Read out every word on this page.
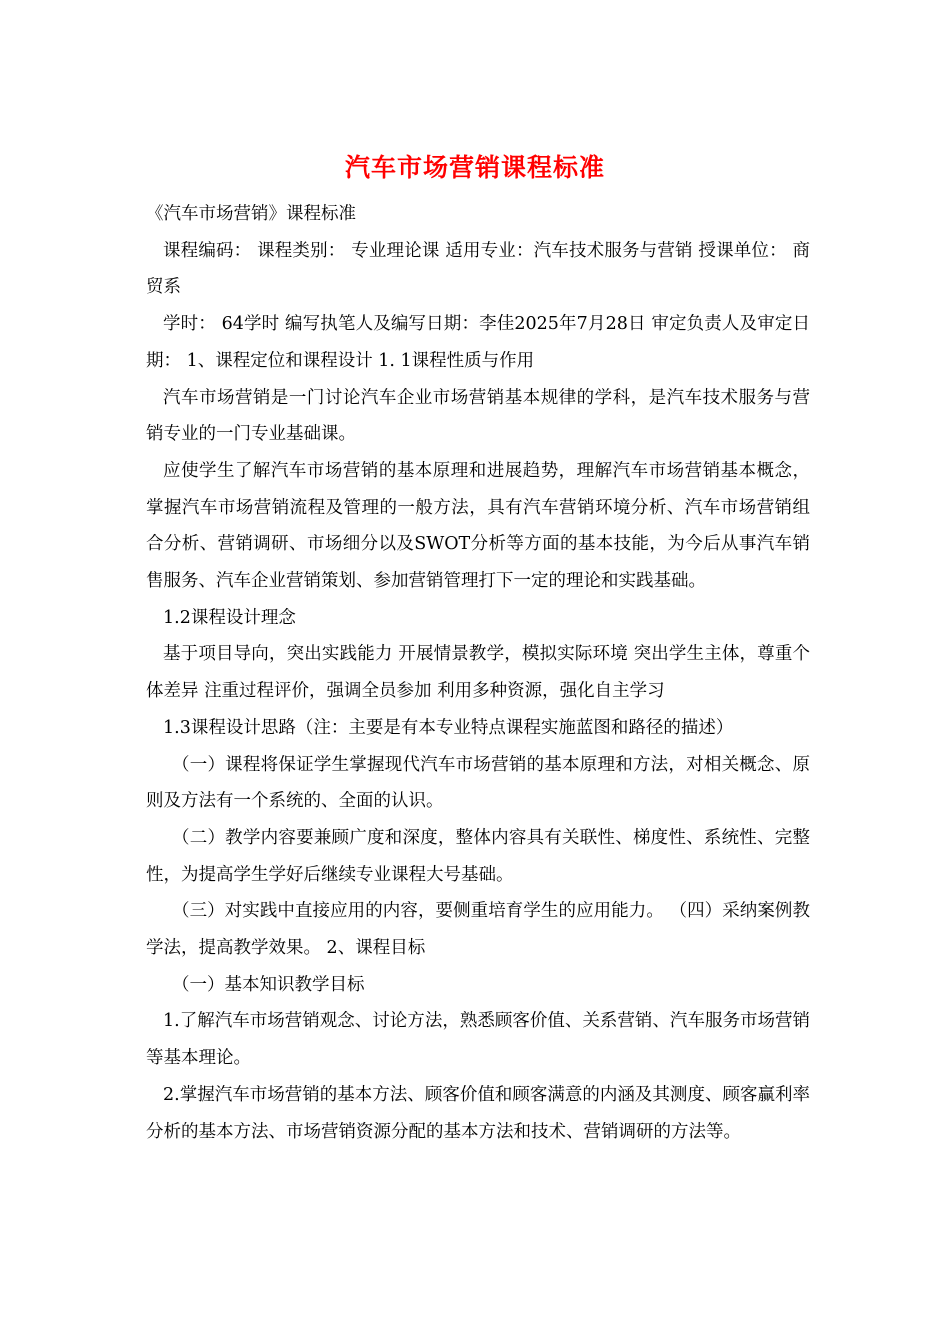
汽车市场营销课程标准

《汽车市场营销》课程标准

课程编码： 课程类别： 专业理论课 适用专业：汽车技术服务与营销 授课单位： 商贸系

学时： 64学时 编写执笔人及编写日期：李佳2025年7月28日 审定负责人及审定日期： 1、课程定位和课程设计 1. 1课程性质与作用

汽车市场营销是一门讨论汽车企业市场营销基本规律的学科，是汽车技术服务与营销专业的一门专业基础课。

应使学生了解汽车市场营销的基本原理和进展趋势，理解汽车市场营销基本概念，掌握汽车市场营销流程及管理的一般方法，具有汽车营销环境分析、汽车市场营销组合分析、营销调研、市场细分以及SWOT分析等方面的基本技能，为今后从事汽车销售服务、汽车企业营销策划、参加营销管理打下一定的理论和实践基础。

1.2课程设计理念

基于项目导向，突出实践能力 开展情景教学，模拟实际环境 突出学生主体，尊重个体差异 注重过程评价，强调全员参加 利用多种资源，强化自主学习

1.3课程设计思路（注：主要是有本专业特点课程实施蓝图和路径的描述）

（一）课程将保证学生掌握现代汽车市场营销的基本原理和方法，对相关概念、原则及方法有一个系统的、全面的认识。

（二）教学内容要兼顾广度和深度，整体内容具有关联性、梯度性、系统性、完整性，为提高学生学好后继续专业课程大号基础。

（三）对实践中直接应用的内容，要侧重培育学生的应用能力。 （四）采纳案例教学法，提高教学效果。 2、课程目标

（一）基本知识教学目标

1.了解汽车市场营销观念、讨论方法，熟悉顾客价值、关系营销、汽车服务市场营销等基本理论。

2.掌握汽车市场营销的基本方法、顾客价值和顾客满意的内涵及其测度、顾客赢利率分析的基本方法、市场营销资源分配的基本方法和技术、营销调研的方法等。
